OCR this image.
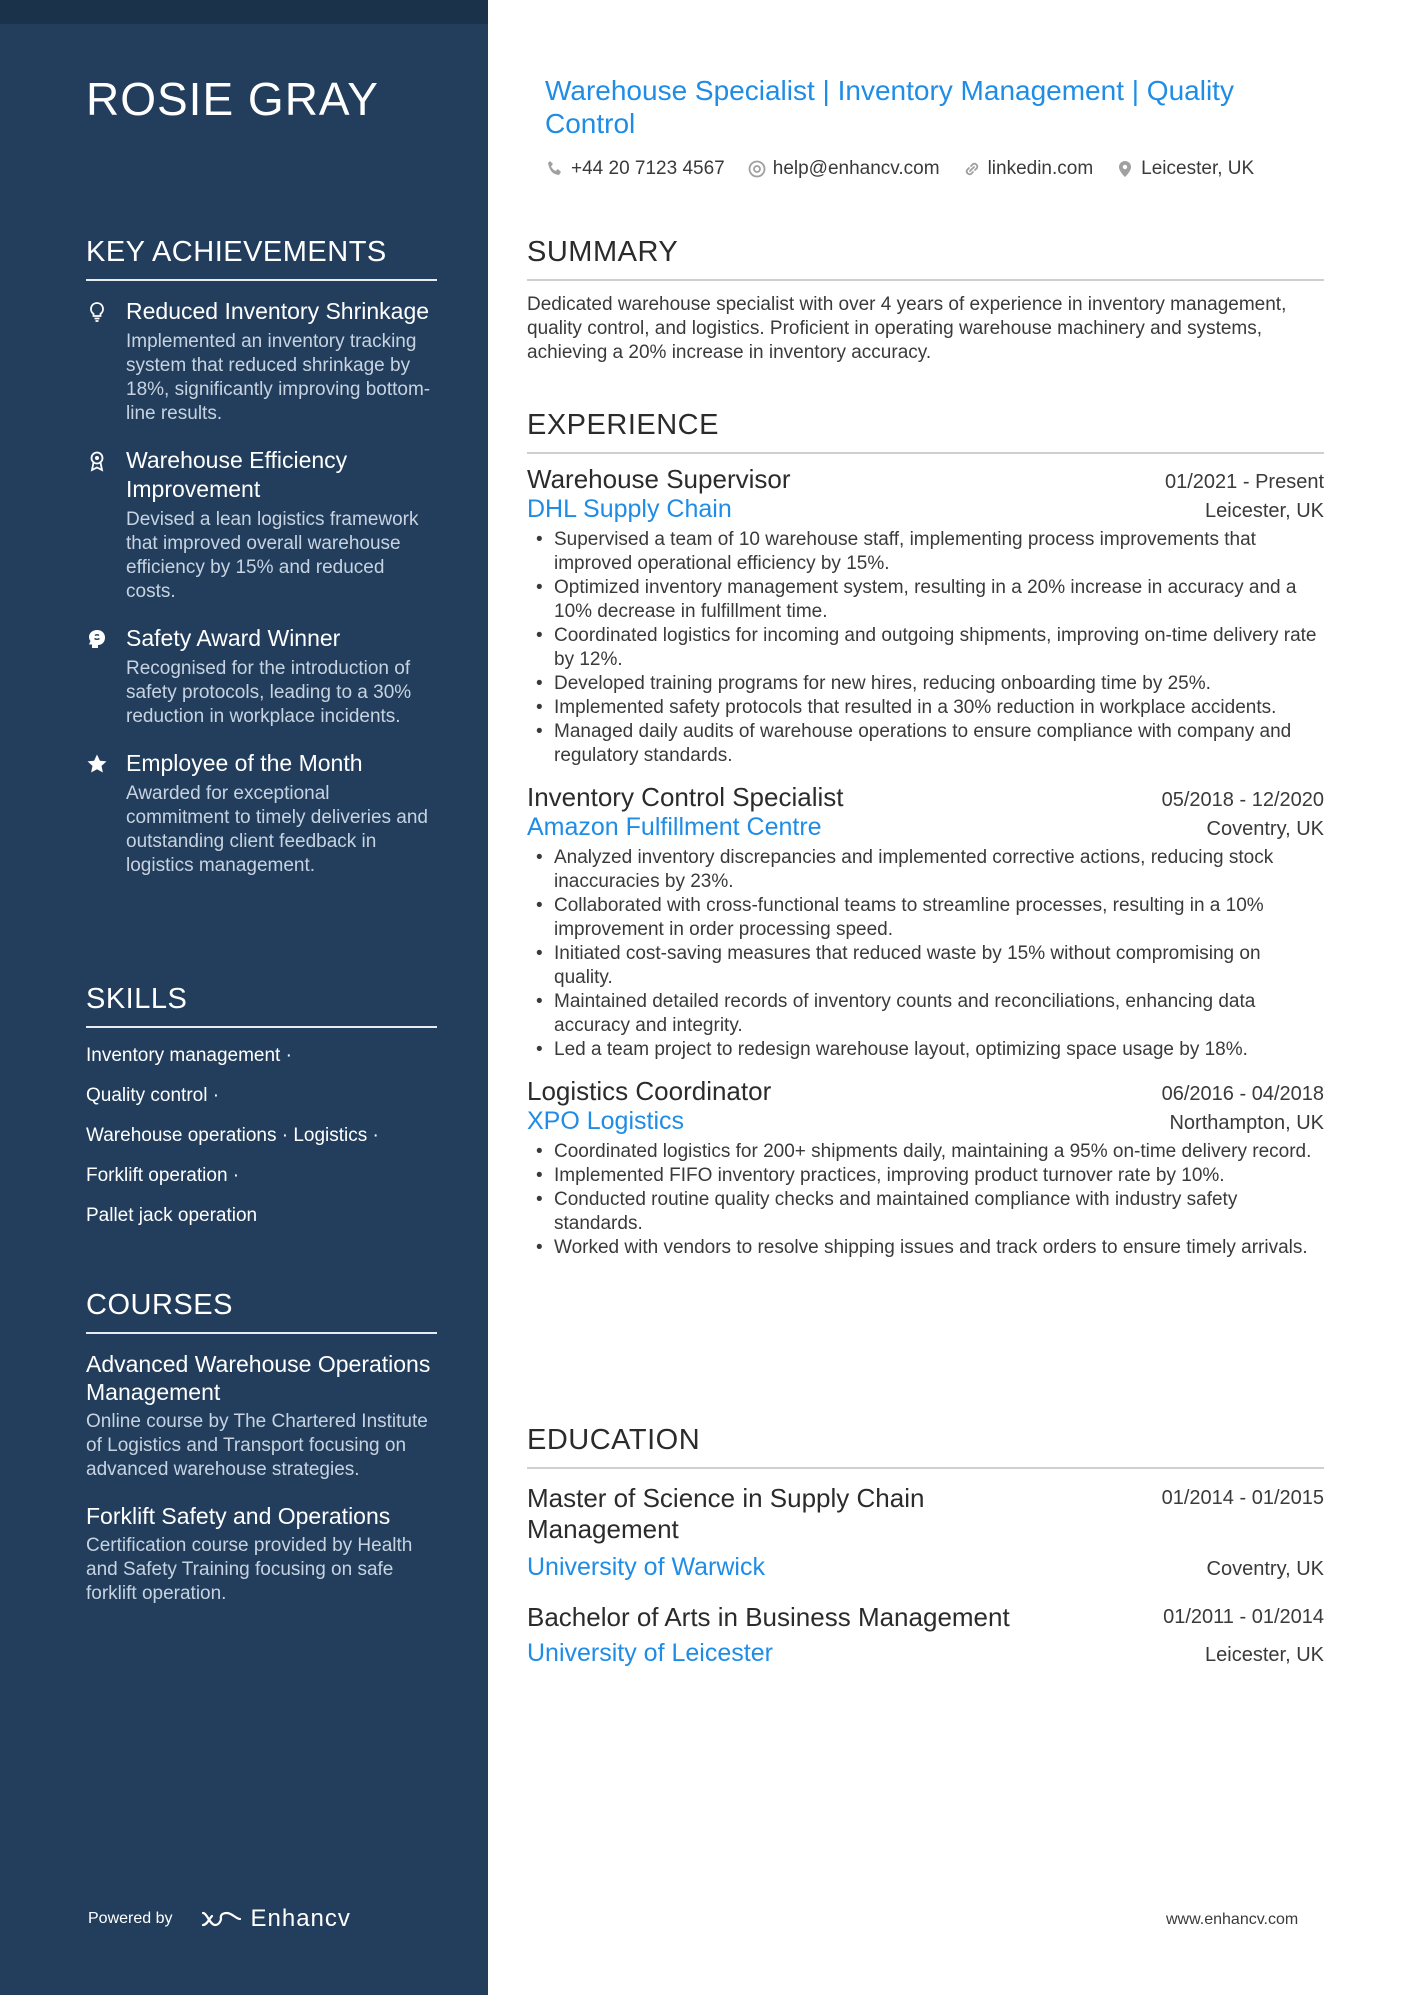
ROSIE GRAY
KEY ACHIEVEMENTS
Reduced Inventory Shrinkage
Implemented an inventory tracking system that reduced shrinkage by 18%, significantly improving bottom-line results.
Warehouse Efficiency Improvement
Devised a lean logistics framework that improved overall warehouse efficiency by 15% and reduced costs.
Safety Award Winner
Recognised for the introduction of safety protocols, leading to a 30% reduction in workplace incidents.
Employee of the Month
Awarded for exceptional commitment to timely deliveries and outstanding client feedback in logistics management.
SKILLS
Inventory management ·
Quality control ·
Warehouse operations · Logistics ·
Forklift operation ·
Pallet jack operation
COURSES
Advanced Warehouse Operations Management
Online course by The Chartered Institute of Logistics and Transport focusing on advanced warehouse strategies.
Forklift Safety and Operations
Certification course provided by Health and Safety Training focusing on safe forklift operation.
Powered by	Enhancv
Warehouse Specialist | Inventory Management | Quality Control
+44 20 7123 4567	help@enhancv.com	linkedin.com	Leicester, UK
SUMMARY
Dedicated warehouse specialist with over 4 years of experience in inventory management, quality control, and logistics. Proficient in operating warehouse machinery and systems, achieving a 20% increase in inventory accuracy.
EXPERIENCE
Warehouse Supervisor	01/2021 - Present
DHL Supply Chain	Leicester, UK
• Supervised a team of 10 warehouse staff, implementing process improvements that improved operational efficiency by 15%.
• Optimized inventory management system, resulting in a 20% increase in accuracy and a 10% decrease in fulfillment time.
• Coordinated logistics for incoming and outgoing shipments, improving on-time delivery rate by 12%.
• Developed training programs for new hires, reducing onboarding time by 25%.
• Implemented safety protocols that resulted in a 30% reduction in workplace accidents.
• Managed daily audits of warehouse operations to ensure compliance with company and regulatory standards.
Inventory Control Specialist	05/2018 - 12/2020
Amazon Fulfillment Centre	Coventry, UK
• Analyzed inventory discrepancies and implemented corrective actions, reducing stock inaccuracies by 23%.
• Collaborated with cross-functional teams to streamline processes, resulting in a 10% improvement in order processing speed.
• Initiated cost-saving measures that reduced waste by 15% without compromising on quality.
• Maintained detailed records of inventory counts and reconciliations, enhancing data accuracy and integrity.
• Led a team project to redesign warehouse layout, optimizing space usage by 18%.
Logistics Coordinator	06/2016 - 04/2018
XPO Logistics	Northampton, UK
• Coordinated logistics for 200+ shipments daily, maintaining a 95% on-time delivery record.
• Implemented FIFO inventory practices, improving product turnover rate by 10%.
• Conducted routine quality checks and maintained compliance with industry safety standards.
• Worked with vendors to resolve shipping issues and track orders to ensure timely arrivals.
EDUCATION
Master of Science in Supply Chain Management
01/2014 - 01/2015
University of Warwick	Coventry, UK
Bachelor of Arts in Business Management	01/2011 - 01/2014
University of Leicester	Leicester, UK
www.enhancv.com
